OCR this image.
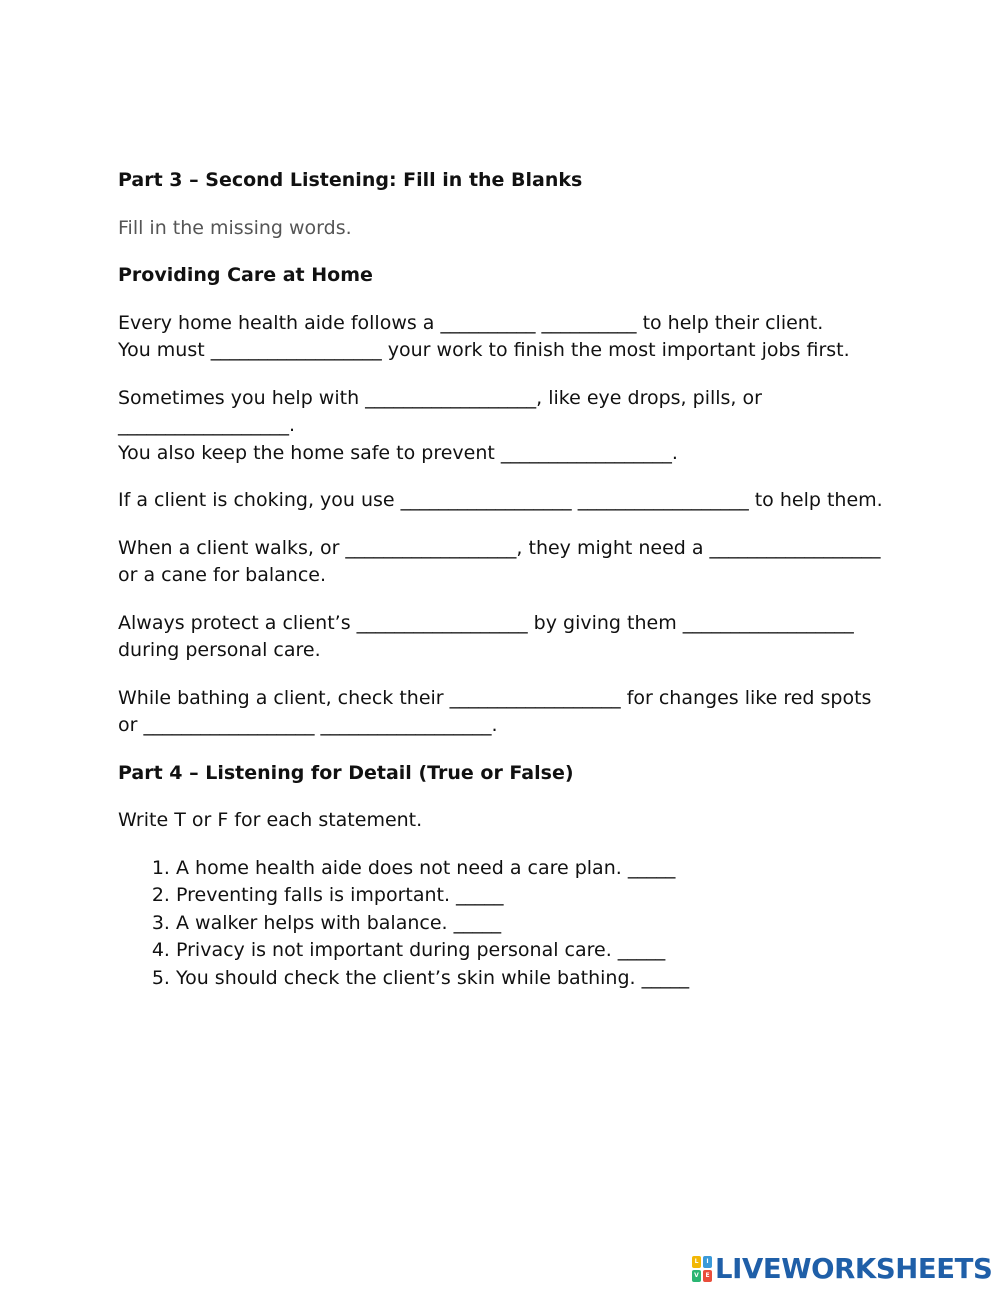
Part 3 – Second Listening: Fill in the Blanks
Fill in the missing words.
Providing Care at Home
Every home health aide follows a __________ __________ to help their client.
You must __________________ your work to finish the most important jobs first.
Sometimes you help with __________________, like eye drops, pills, or __________________.
You also keep the home safe to prevent __________________.
If a client is choking, you use __________________ __________________ to help them.
When a client walks, or __________________, they might need a __________________ or a cane for balance.
Always protect a client’s __________________ by giving them __________________ during personal care.
While bathing a client, check their __________________ for changes like red spots or __________________ __________________.
Part 4 – Listening for Detail (True or False)
Write T or F for each statement.
1. A home health aide does not need a care plan. _____
2. Preventing falls is important. _____
3. A walker helps with balance. _____
4. Privacy is not important during personal care. _____
5. You should check the client’s skin while bathing. _____
L	I
V	E LIVEWORKSHEETS
